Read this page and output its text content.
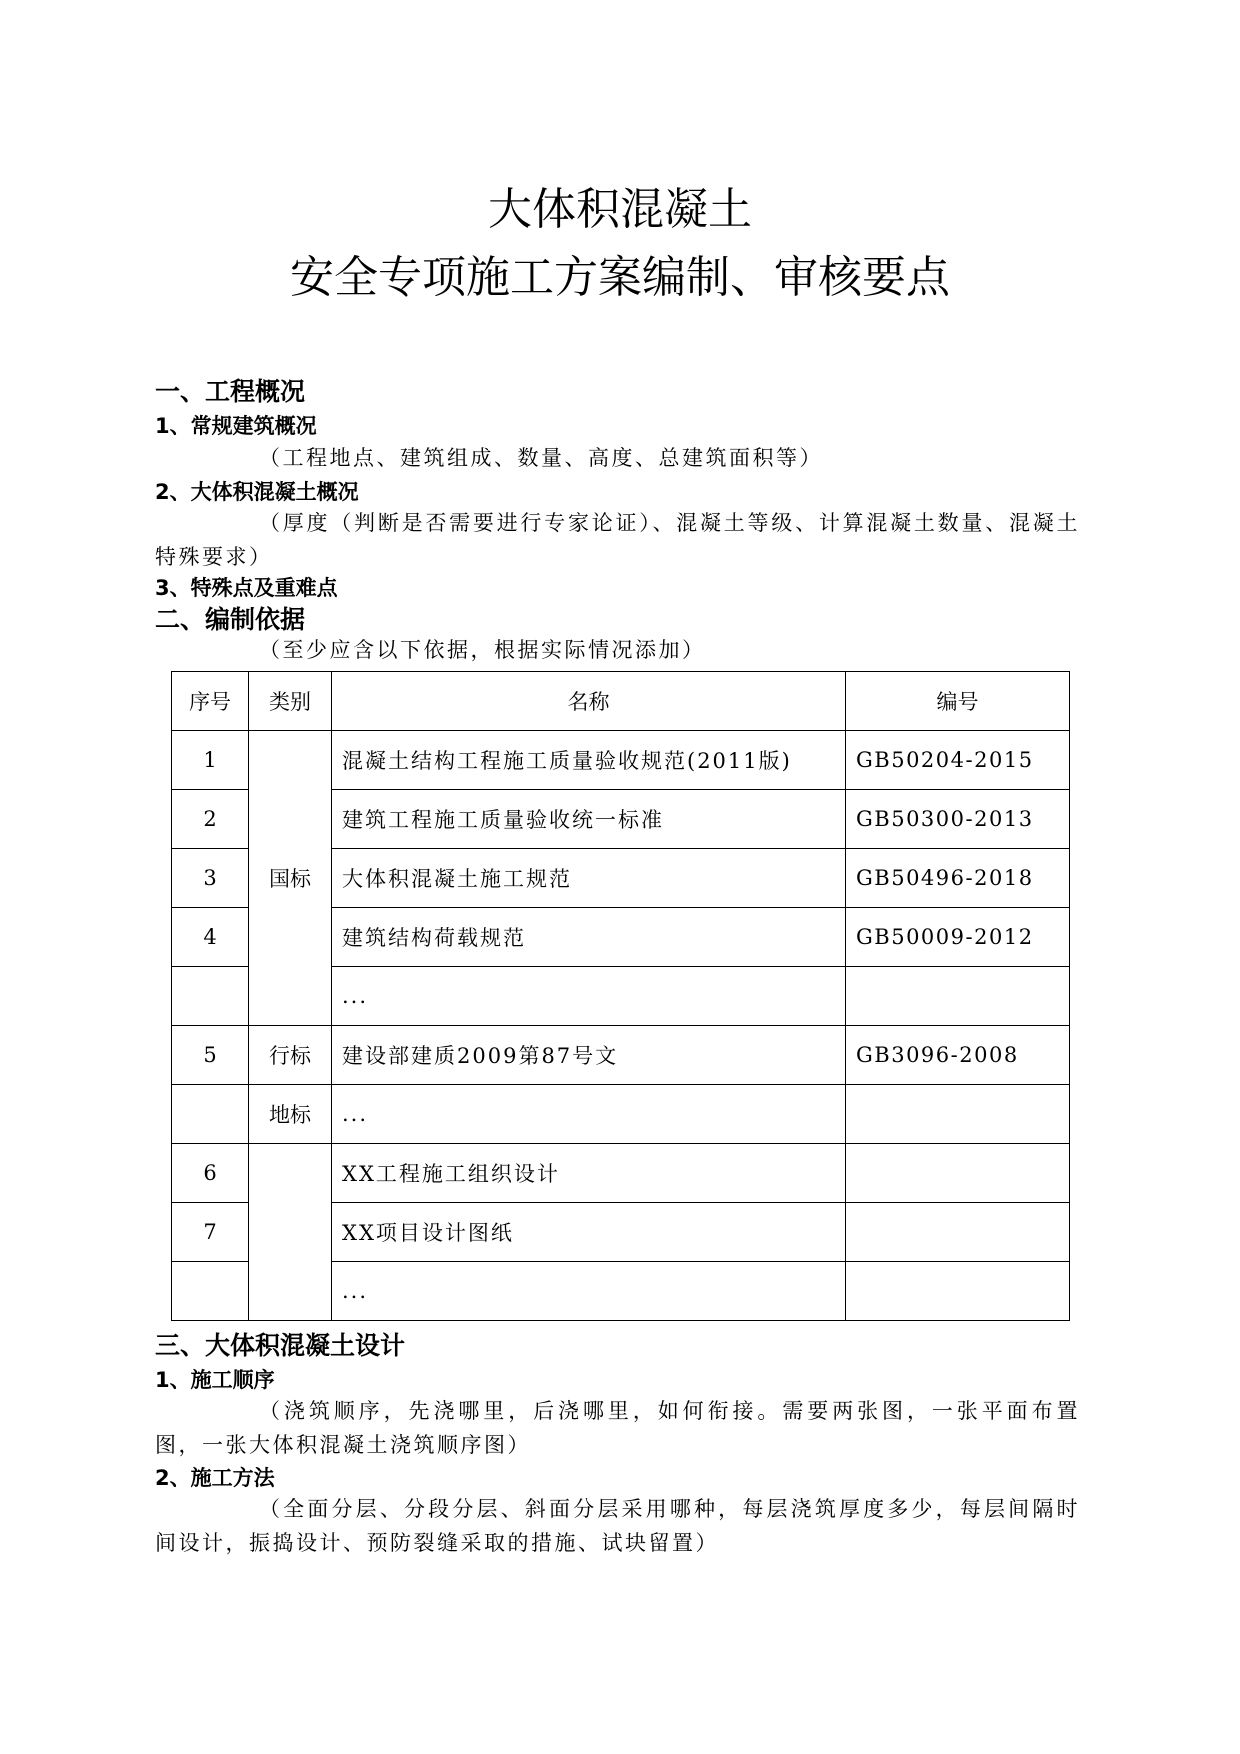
大体积混凝土
安全专项施工方案编制、审核要点
一、工程概况
1、常规建筑概况
（工程地点、建筑组成、数量、高度、总建筑面积等）
2、大体积混凝土概况
（厚度（判断是否需要进行专家论证）、混凝土等级、计算混凝土数量、混凝土特殊要求）
3、特殊点及重难点
二、编制依据
（至少应含以下依据，根据实际情况添加）
序号	类别	名称	编号
1	国标	混凝土结构工程施工质量验收规范(2011版)	GB50204-2015
2		建筑工程施工质量验收统一标准	GB50300-2013
3		大体积混凝土施工规范	GB50496-2018
4		建筑结构荷载规范	GB50009-2012
		...	
5	行标	建设部建质2009第87号文	GB3096-2008
	地标	...	
6		XX工程施工组织设计	
7		XX项目设计图纸	
		...	
三、大体积混凝土设计
1、施工顺序
（浇筑顺序，先浇哪里，后浇哪里，如何衔接。需要两张图，一张平面布置图，一张大体积混凝土浇筑顺序图）
2、施工方法
（全面分层、分段分层、斜面分层采用哪种，每层浇筑厚度多少，每层间隔时间设计，振捣设计、预防裂缝采取的措施、试块留置）
